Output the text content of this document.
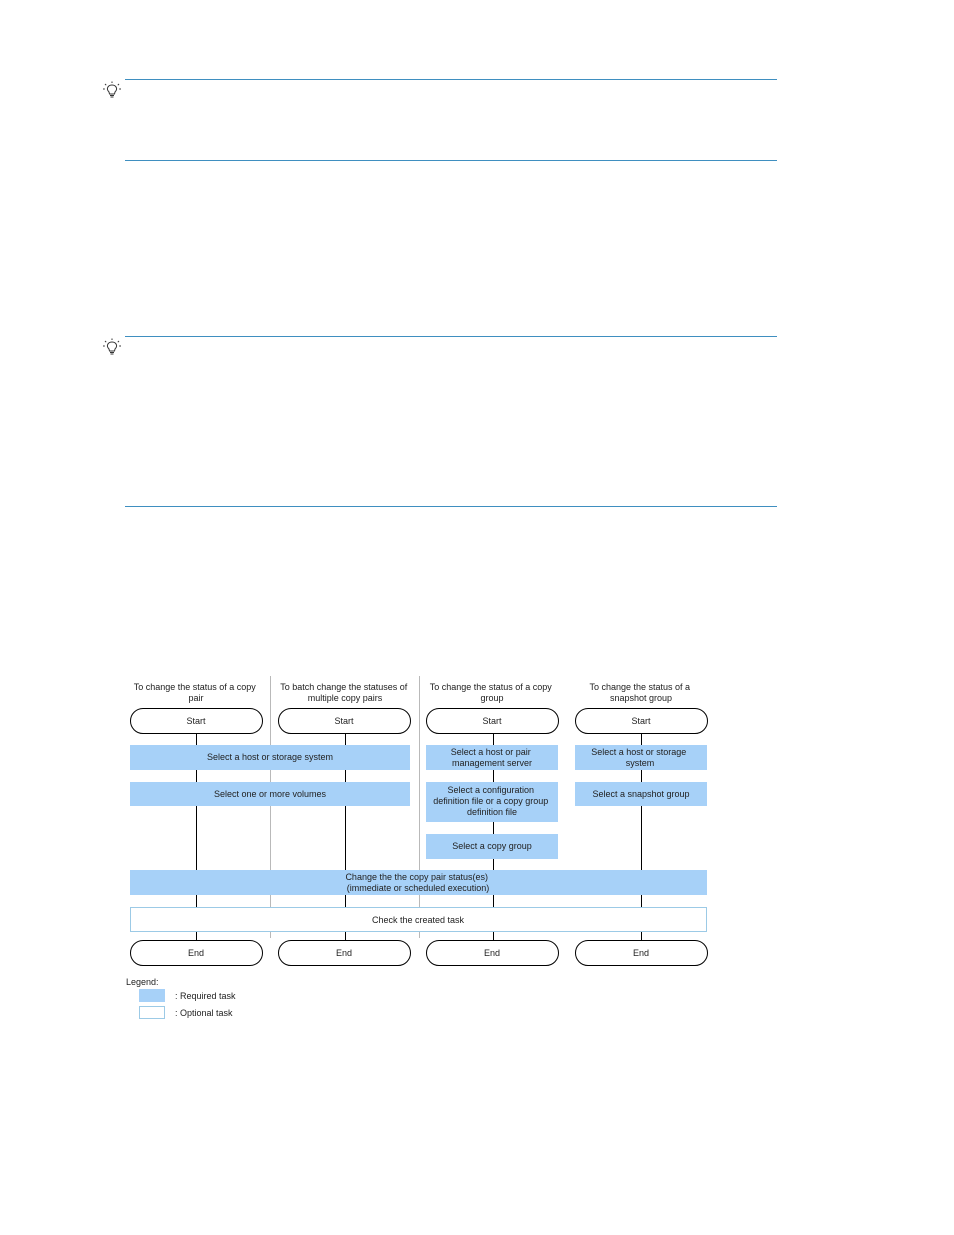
To change the status of a copy pair
To batch change the statuses of multiple copy pairs
To change the status of a copy group
To change the status of a snapshot group
Start	Start	Start	Start
Select a host or storage system
Select one or more volumes
Select a host or pair management server
Select a configuration definition file or a copy group definition file
Select a copy group
Select a host or storage system
Select a snapshot group
Change the the copy pair status(es) (immediate or scheduled execution)
Check the created task
End	End	End	End
Legend:
: Required task
: Optional task
